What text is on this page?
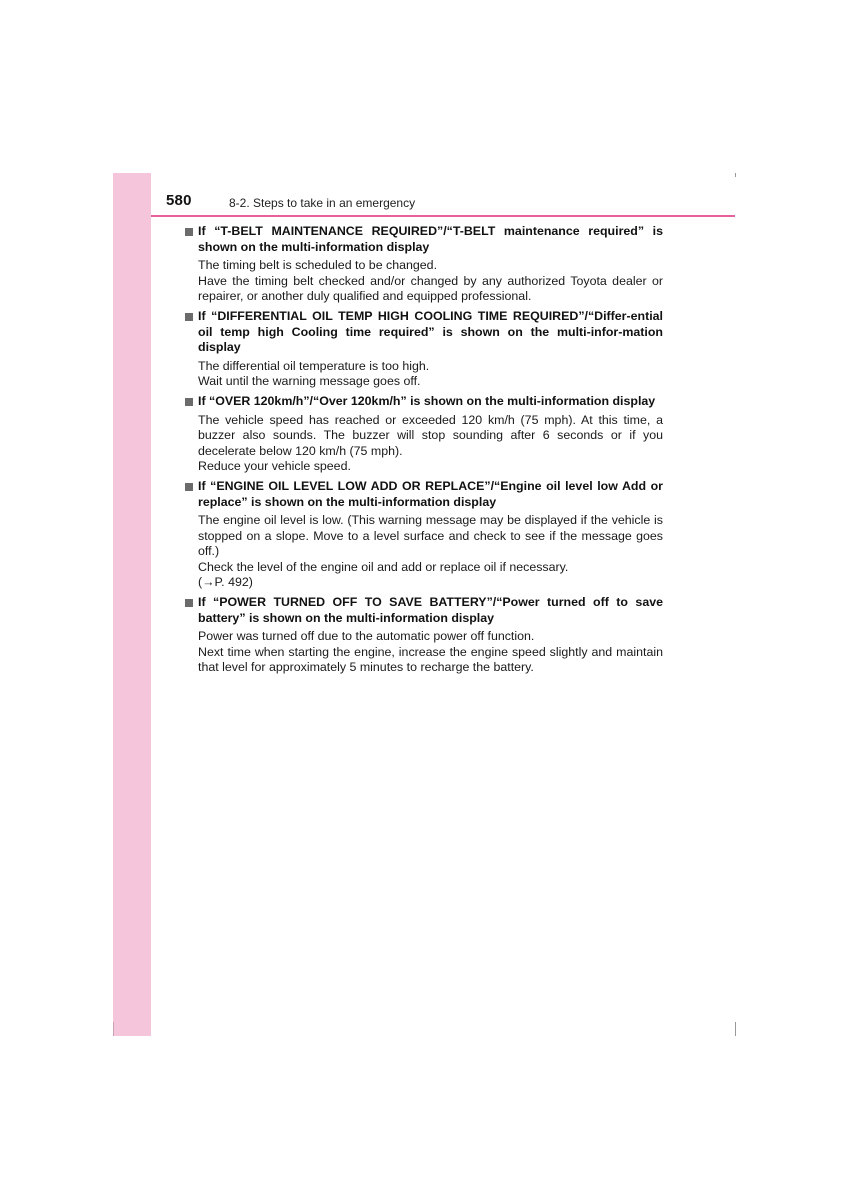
580	8-2. Steps to take in an emergency
If “T-BELT MAINTENANCE REQUIRED”/“T-BELT maintenance required” is shown on the multi-information display

The timing belt is scheduled to be changed.

Have the timing belt checked and/or changed by any authorized Toyota dealer or repairer, or another duly qualified and equipped professional.

If “DIFFERENTIAL OIL TEMP HIGH COOLING TIME REQUIRED”/“Differ-ential oil temp high Cooling time required” is shown on the multi-infor-mation display

The differential oil temperature is too high.

Wait until the warning message goes off.

If “OVER 120km/h”/“Over 120km/h” is shown on the multi-information display

The vehicle speed has reached or exceeded 120 km/h (75 mph). At this time, a buzzer also sounds. The buzzer will stop sounding after 6 seconds or if you decelerate below 120 km/h (75 mph).

Reduce your vehicle speed.

If “ENGINE OIL LEVEL LOW ADD OR REPLACE”/“Engine oil level low Add or replace” is shown on the multi-information display

The engine oil level is low. (This warning message may be displayed if the vehicle is stopped on a slope. Move to a level surface and check to see if the message goes off.)

Check the level of the engine oil and add or replace oil if necessary.

(→P. 492)

If “POWER TURNED OFF TO SAVE BATTERY”/“Power turned off to save battery” is shown on the multi-information display

Power was turned off due to the automatic power off function.

Next time when starting the engine, increase the engine speed slightly and maintain that level for approximately 5 minutes to recharge the battery.
